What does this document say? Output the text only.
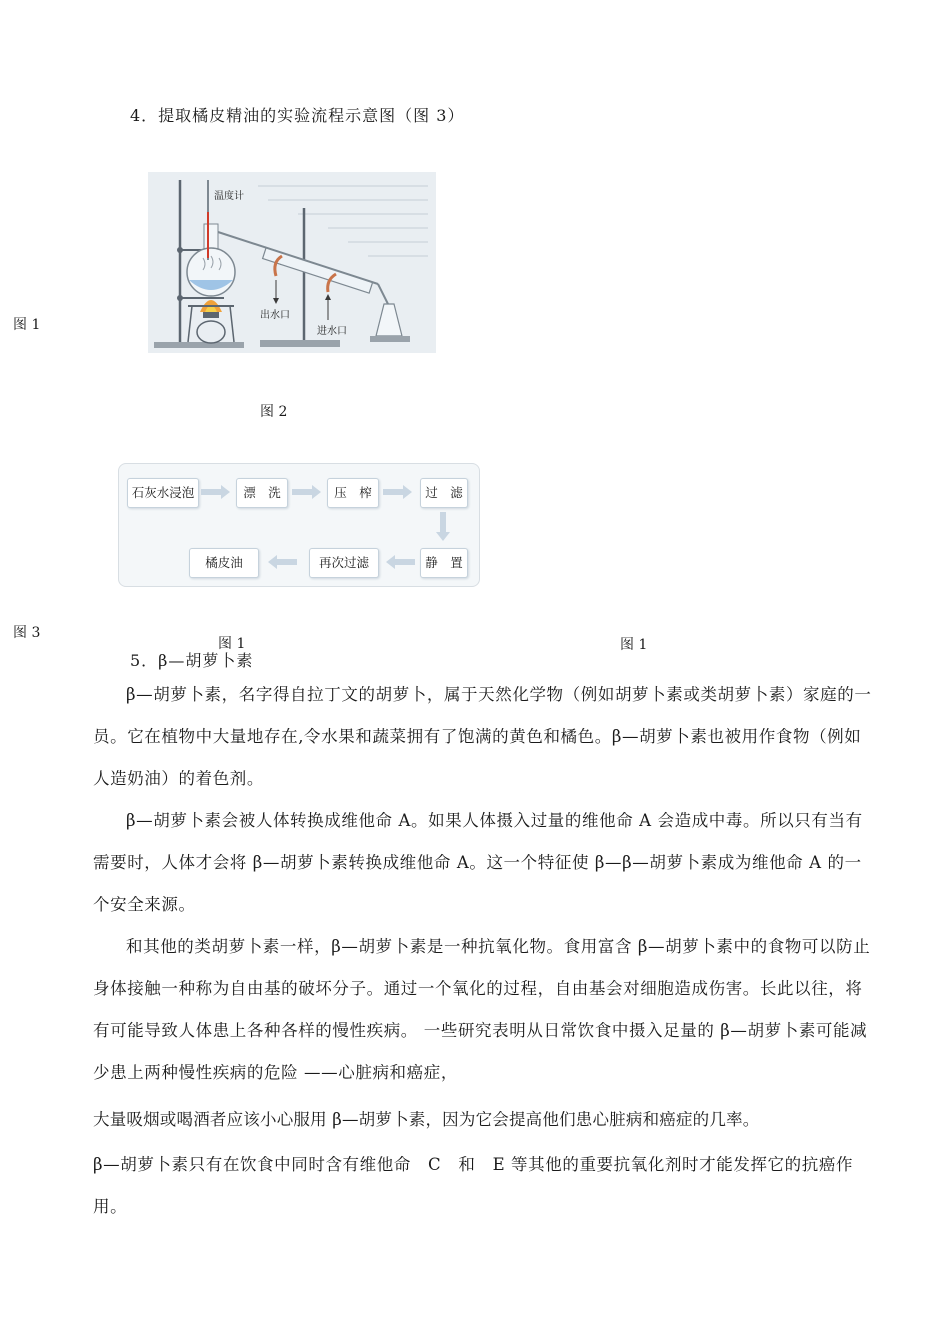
4．提取橘皮精油的实验流程示意图（图 3）
图 1
图 2
图 3
图 1	图 1
温度计
出水口
进水口
石灰水浸泡	漂　洗	压　榨	过　滤
静　置
再次过滤
橘皮油
5．β—胡萝卜素

β—胡萝卜素，名字得自拉丁文的胡萝卜，属于天然化学物（例如胡萝卜素或类胡萝卜素）家庭的一员。它在植物中大量地存在,令水果和蔬菜拥有了饱满的黄色和橘色。β—胡萝卜素也被用作食物（例如人造奶油）的着色剂。

β—胡萝卜素会被人体转换成维他命 A。如果人体摄入过量的维他命 A 会造成中毒。所以只有当有需要时，人体才会将 β—胡萝卜素转换成维他命 A。这一个特征使 β—β—胡萝卜素成为维他命 A 的一个安全来源。

和其他的类胡萝卜素一样，β—胡萝卜素是一种抗氧化物。食用富含 β—胡萝卜素中的食物可以防止身体接触一种称为自由基的破坏分子。通过一个氧化的过程，自由基会对细胞造成伤害。长此以往，将有可能导致人体患上各种各样的慢性疾病。 一些研究表明从日常饮食中摄入足量的 β—胡萝卜素可能减少患上两种慢性疾病的危险 ——心脏病和癌症，

大量吸烟或喝酒者应该小心服用 β—胡萝卜素，因为它会提高他们患心脏病和癌症的几率。
β—胡萝卜素只有在饮食中同时含有维他命　C　和　E 等其他的重要抗氧化剂时才能发挥它的抗癌作用。
